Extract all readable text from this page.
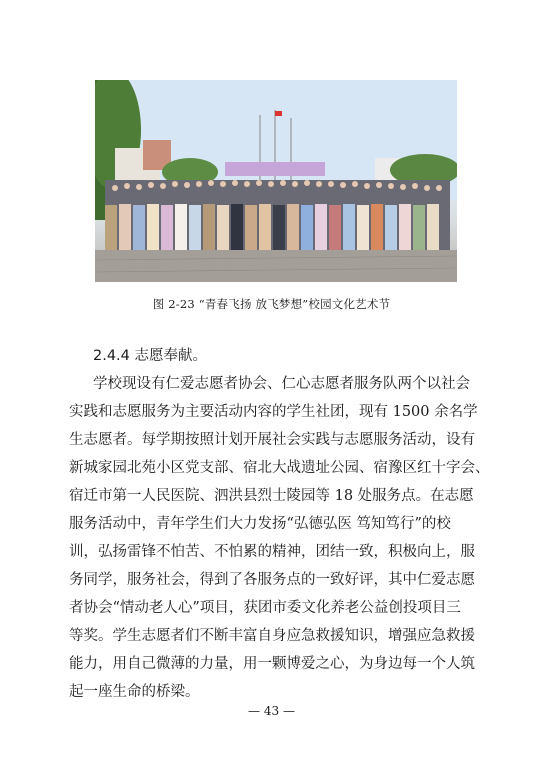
图 2-23 “青春飞扬 放飞梦想”校园文化艺术节
2.4.4 志愿奉献。
学校现设有仁爱志愿者协会、仁心志愿者服务队两个以社会
实践和志愿服务为主要活动内容的学生社团，现有 1500 余名学
生志愿者。每学期按照计划开展社会实践与志愿服务活动，设有
新城家园北苑小区党支部、宿北大战遗址公园、宿豫区红十字会、
宿迁市第一人民医院、泗洪县烈士陵园等 18 处服务点。在志愿
服务活动中，青年学生们大力发扬“弘德弘医 笃知笃行”的校
训，弘扬雷锋不怕苦、不怕累的精神，团结一致，积极向上，服
务同学，服务社会，得到了各服务点的一致好评，其中仁爱志愿
者协会“情动老人心”项目，获团市委文化养老公益创投项目三
等奖。学生志愿者们不断丰富自身应急救援知识，增强应急救援
能力，用自己微薄的力量，用一颗博爱之心，为身边每一个人筑
起一座生命的桥梁。
— 43 —
